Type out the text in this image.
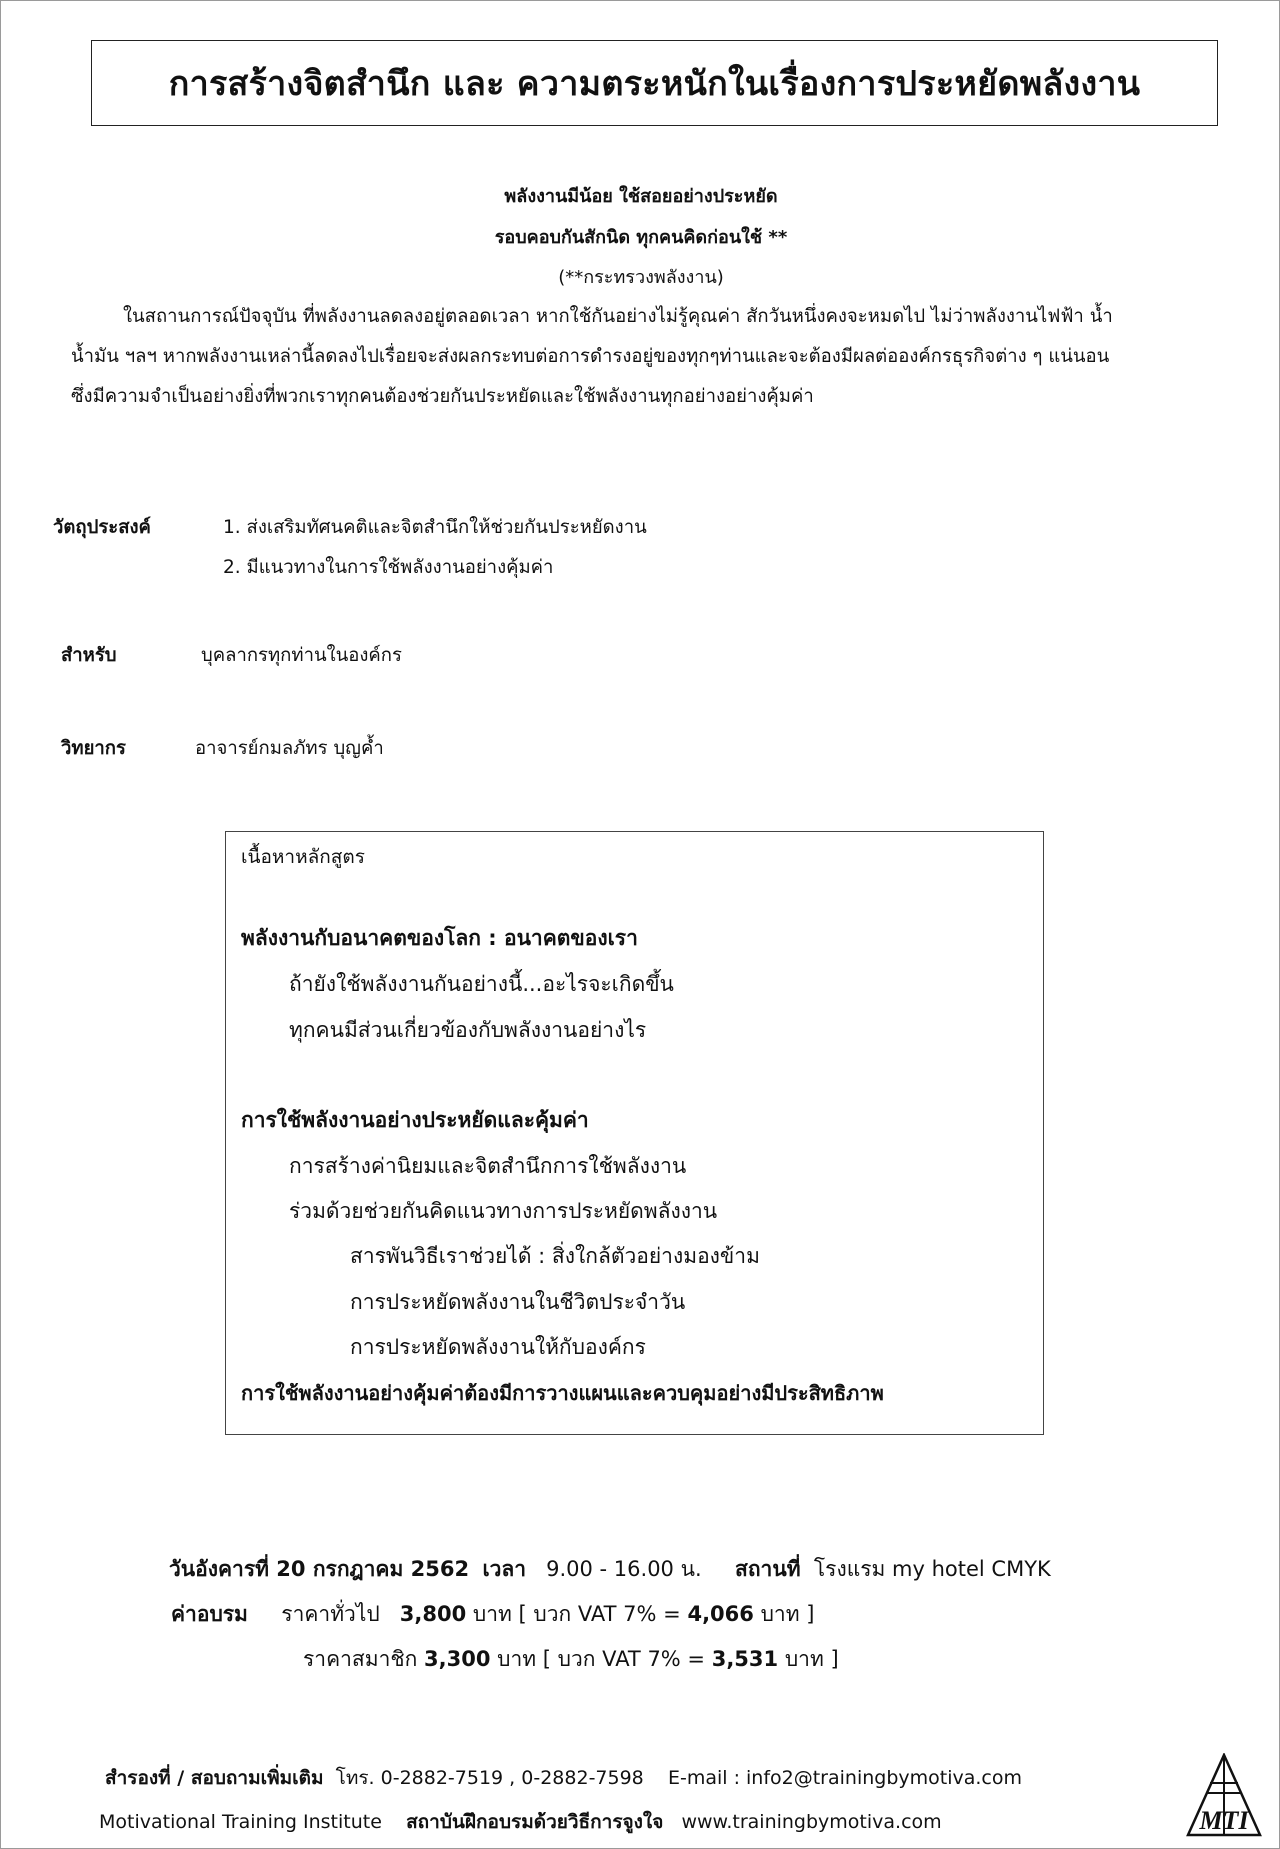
การสร้างจิตสำนึก และ ความตระหนักในเรื่องการประหยัดพลังงาน
พลังงานมีน้อย ใช้สอยอย่างประหยัด
รอบคอบกันสักนิด ทุกคนคิดก่อนใช้ **
(**กระทรวงพลังงาน)

ในสถานการณ์ปัจจุบัน ที่พลังงานลดลงอยู่ตลอดเวลา หากใช้กันอย่างไม่รู้คุณค่า สักวันหนึ่งคงจะหมดไป ไม่ว่าพลังงานไฟฟ้า น้ำ

น้ำมัน ฯลฯ หากพลังงานเหล่านี้ลดลงไปเรื่อยจะส่งผลกระทบต่อการดำรงอยู่ของทุกๆท่านและจะต้องมีผลต่อองค์กรธุรกิจต่าง ๆ แน่นอน

ซึ่งมีความจำเป็นอย่างยิ่งที่พวกเราทุกคนต้องช่วยกันประหยัดและใช้พลังงานทุกอย่างอย่างคุ้มค่า

วัตถุประสงค์	1. ส่งเสริมทัศนคติและจิตสำนึกให้ช่วยกันประหยัดงาน
2. มีแนวทางในการใช้พลังงานอย่างคุ้มค่า
สำหรับ	บุคลากรทุกท่านในองค์กร
วิทยากร	อาจารย์กมลภัทร บุญค้ำ
เนื้อหาหลักสูตร
พลังงานกับอนาคตของโลก : อนาคตของเรา
ถ้ายังใช้พลังงานกันอย่างนี้...อะไรจะเกิดขึ้น
ทุกคนมีส่วนเกี่ยวข้องกับพลังงานอย่างไร
การใช้พลังงานอย่างประหยัดและคุ้มค่า
การสร้างค่านิยมและจิตสำนึกการใช้พลังงาน
ร่วมด้วยช่วยกันคิดแนวทางการประหยัดพลังงาน
สารพันวิธีเราช่วยได้ : สิ่งใกล้ตัวอย่างมองข้าม
การประหยัดพลังงานในชีวิตประจำวัน
การประหยัดพลังงานให้กับองค์กร
การใช้พลังงานอย่างคุ้มค่าต้องมีการวางแผนและควบคุมอย่างมีประสิทธิภาพ
วันอังคารที่ 20 กรกฎาคม 2562 เวลา 9.00 - 16.00 น. สถานที่ โรงแรม my hotel CMYK
ค่าอบรม ราคาทั่วไป 3,800 บาท [ บวก VAT 7% = 4,066 บาท ]
ราคาสมาชิก 3,300 บาท [ บวก VAT 7% = 3,531 บาท ]
สำรองที่ / สอบถามเพิ่มเติม โทร. 0-2882-7519 , 0-2882-7598 E-mail : info2@trainingbymotiva.com
Motivational Training Institute สถาบันฝึกอบรมด้วยวิธีการจูงใจ www.trainingbymotiva.com	MTI
